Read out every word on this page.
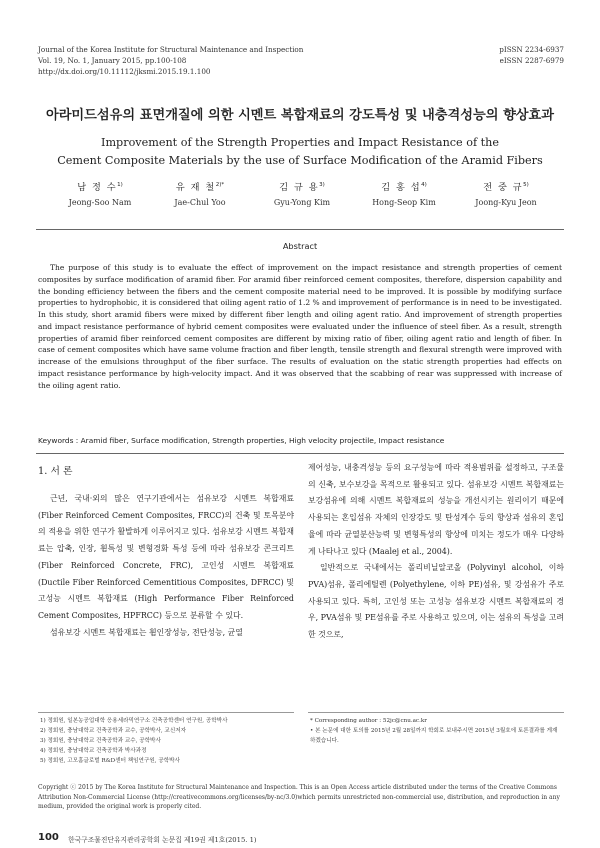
Journal of the Korea Institute for Structural Maintenance and Inspection
Vol. 19, No. 1, January 2015, pp.100-108
http://dx.doi.org/10.11112/jksmi.2015.19.1.100
pISSN 2234-6937
eISSN 2287-6979
아라미드섬유의 표면개질에 의한 시멘트 복합재료의 강도특성 및 내충격성능의 향상효과
Improvement of the Strength Properties and Impact Resistance of the
Cement Composite Materials by the use of Surface Modification of the Aramid Fibers
남 정 수$^{1)}$
Jeong-Soo Nam
유 재 철$^{2)*}$
Jae-Chul Yoo
김 규 용$^{3)}$
Gyu-Yong Kim
김 홍 섭$^{4)}$
Hong-Seop Kim
전 중 규$^{5)}$
Joong-Kyu Jeon
Abstract
The purpose of this study is to evaluate the effect of improvement on the impact resistance and strength properties of cement composites by surface modification of aramid fiber. For aramid fiber reinforced cement composites, therefore, dispersion capability and the bonding efficiency between the fibers and the cement composite material need to be improved. It is possible by modifying surface properties to hydrophobic, it is considered that oiling agent ratio of 1.2 % and improvement of performance is in need to be investigated. In this study, short aramid fibers were mixed by different fiber length and oiling agent ratio. And improvement of strength properties and impact resistance performance of hybrid cement composites were evaluated under the influence of steel fiber. As a result, strength properties of aramid fiber reinforced cement composites are different by mixing ratio of fiber, oiling agent ratio and length of fiber. In case of cement composites which have same volume fraction and fiber length, tensile strength and flexural strength were improved with increase of the emulsions throughput of the fiber surface. The results of evaluation on the static strength properties had effects on impact resistance performance by high-velocity impact. And it was observed that the scabbing of rear was suppressed with increase of the oiling agent ratio.
Keywords : Aramid fiber, Surface modification, Strength properties, High velocity projectile, Impact resistance
1. 서 론

근년, 국내·외의 많은 연구기관에서는 섬유보강 시멘트 복합재료 (Fiber Reinforced Cement Composites, FRCC)의 건축 및 토목분야의 적용을 위한 연구가 활발하게 이루어지고 있다. 섬유보강 시멘트 복합재료는 압축, 인장, 휨특성 및 변형경화 특성 등에 따라 섬유보강 콘크리트 (Fiber Reinforced Concrete, FRC), 고인성 시멘트 복합재료 (Ductile Fiber Reinforced Cementitious Composites, DFRCC) 및 고성능 시멘트 복합재료 (High Performance Fiber Reinforced Cement Composites, HPFRCC) 등으로 분류할 수 있다.

섬유보강 시멘트 복합재료는 휨인장성능, 전단성능, 균열

제어성능, 내충격성능 등의 요구성능에 따라 적용범위를 설정하고, 구조물의 신축, 보수보강을 목적으로 활용되고 있다. 섬유보강 시멘트 복합재료는 보강섬유에 의해 시멘트 복합재료의 성능을 개선시키는 원리이기 때문에 사용되는 혼입섬유 자체의 인장강도 및 탄성계수 등의 향상과 섬유의 혼입율에 따라 균열분산능력 및 변형특성의 향상에 미치는 정도가 매우 다양하게 나타나고 있다 (Maalej et al., 2004).

일반적으로 국내에서는 폴리비닐알코올 (Polyvinyl alcohol, 이하 PVA)섬유, 폴리에틸렌 (Polyethylene, 이하 PE)섬유, 및 강섬유가 주로 사용되고 있다. 특히, 고인성 또는 고성능 섬유보강 시멘트 복합재료의 경우, PVA섬유 및 PE섬유를 주로 사용하고 있으며, 이는 섬유의 특성을 고려한 것으로,

1) 정회원, 일본농공업대학 응용세라믹연구소 건축공학센터 연구원, 공학박사
2) 정회원, 충남대학교 건축공학과 교수, 공학박사, 교신저자
3) 정회원, 충남대학교 건축공학과 교수, 공학박사
4) 정회원, 충남대학교 건축공학과 박사과정
5) 정회원, 고모홈글로벌 R&D센터 책임연구원, 공학박사
* Corresponding author : 52jc@cnu.ac.kr
• 본 논문에 대한 토의를 2015년 2월 28일까지 학회로 보내주시면 2015년 3월호에 토론결과를 게재하겠습니다.
100 한국구조물진단유지관리공학회 논문집 제19권 제1호(2015. 1)
Copyright ⓒ 2015 by The Korea Institute for Structural Maintenance and Inspection. This is an Open Access article distributed under the terms of the Creative Commons Attribution Non-Commercial License (http://creativecommons.org/licenses/by-nc/3.0)which permits unrestricted non-commercial use, distribution, and reproduction in any medium, provided the original work is properly cited.
